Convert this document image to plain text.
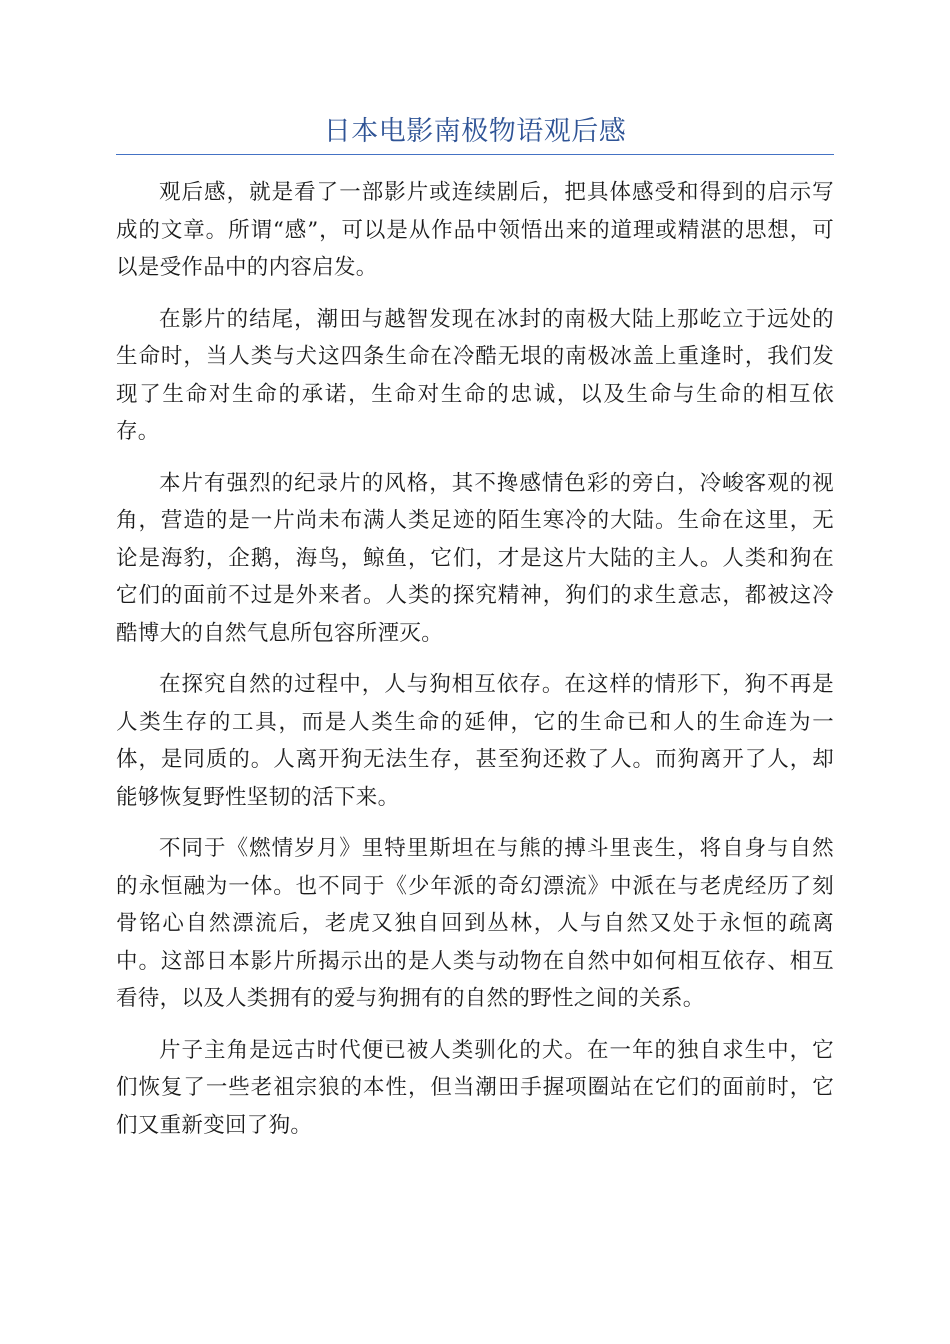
日本电影南极物语观后感

观后感，就是看了一部影片或连续剧后，把具体感受和得到的启示写成的文章。所谓“感”，可以是从作品中领悟出来的道理或精湛的思想，可以是受作品中的内容启发。

在影片的结尾，潮田与越智发现在冰封的南极大陆上那屹立于远处的生命时，当人类与犬这四条生命在冷酷无垠的南极冰盖上重逢时，我们发现了生命对生命的承诺，生命对生命的忠诚，以及生命与生命的相互依存。

本片有强烈的纪录片的风格，其不搀感情色彩的旁白，冷峻客观的视角，营造的是一片尚未布满人类足迹的陌生寒冷的大陆。生命在这里，无论是海豹，企鹅，海鸟，鲸鱼，它们，才是这片大陆的主人。人类和狗在它们的面前不过是外来者。人类的探究精神，狗们的求生意志，都被这冷酷博大的自然气息所包容所湮灭。

在探究自然的过程中，人与狗相互依存。在这样的情形下，狗不再是人类生存的工具，而是人类生命的延伸，它的生命已和人的生命连为一体，是同质的。人离开狗无法生存，甚至狗还救了人。而狗离开了人，却能够恢复野性坚韧的活下来。

不同于《燃情岁月》里特里斯坦在与熊的搏斗里丧生，将自身与自然的永恒融为一体。也不同于《少年派的奇幻漂流》中派在与老虎经历了刻骨铭心自然漂流后，老虎又独自回到丛林，人与自然又处于永恒的疏离中。这部日本影片所揭示出的是人类与动物在自然中如何相互依存、相互看待，以及人类拥有的爱与狗拥有的自然的野性之间的关系。

片子主角是远古时代便已被人类驯化的犬。在一年的独自求生中，它们恢复了一些老祖宗狼的本性，但当潮田手握项圈站在它们的面前时，它们又重新变回了狗。
